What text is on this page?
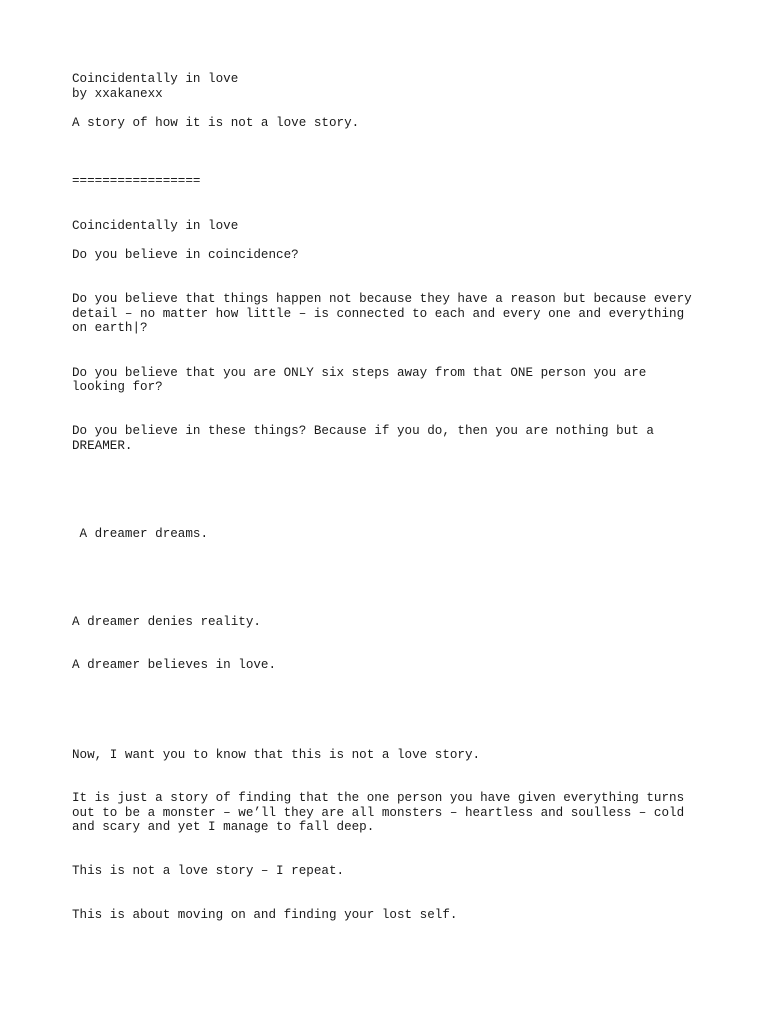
Coincidentally in love

by xxakanexx

A story of how it is not a love story.

=================

Coincidentally in love

Do you believe in coincidence?

Do you believe that things happen not because they have a reason but because every

detail – no matter how little – is connected to each and every one and everything

on earth|?

Do you believe that you are ONLY six steps away from that ONE person you are

looking for?

Do you believe in these things? Because if you do, then you are nothing but a

DREAMER.

A dreamer dreams.

A dreamer denies reality.

A dreamer believes in love.

Now, I want you to know that this is not a love story.

It is just a story of finding that the one person you have given everything turns

out to be a monster – we’ll they are all monsters – heartless and soulless – cold

and scary and yet I manage to fall deep.

This is not a love story – I repeat.

This is about moving on and finding your lost self.
